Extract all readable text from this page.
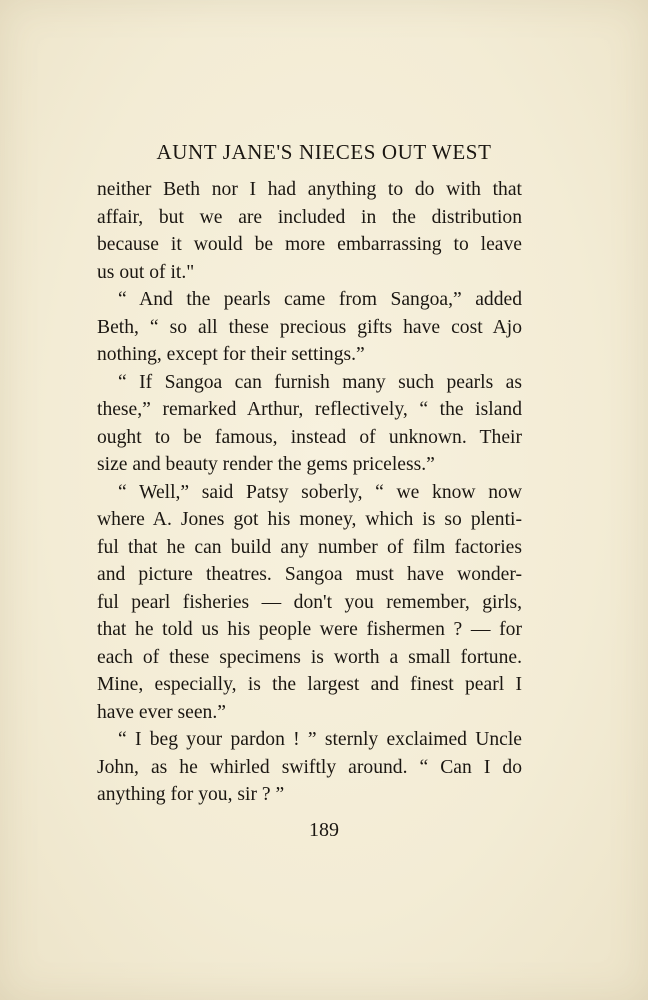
AUNT JANE'S NIECES OUT WEST
neither Beth nor I had anything to do with that
affair, but we are included in the distribution
because it would be more embarrassing to leave
us out of it."
“ And the pearls came from Sangoa,” added
Beth, “ so all these precious gifts have cost Ajo
nothing, except for their settings.”
“ If Sangoa can furnish many such pearls as
these,” remarked Arthur, reflectively, “ the island
ought to be famous, instead of unknown. Their
size and beauty render the gems priceless.”
“ Well,” said Patsy soberly, “ we know now
where A. Jones got his money, which is so plenti-
ful that he can build any number of film factories
and picture theatres. Sangoa must have wonder-
ful pearl fisheries — don't you remember, girls,
that he told us his people were fishermen ? — for
each of these specimens is worth a small fortune.
Mine, especially, is the largest and finest pearl I
have ever seen.”
“ I beg your pardon ! ” sternly exclaimed Uncle
John, as he whirled swiftly around. “ Can I do
anything for you, sir ? ”
189
